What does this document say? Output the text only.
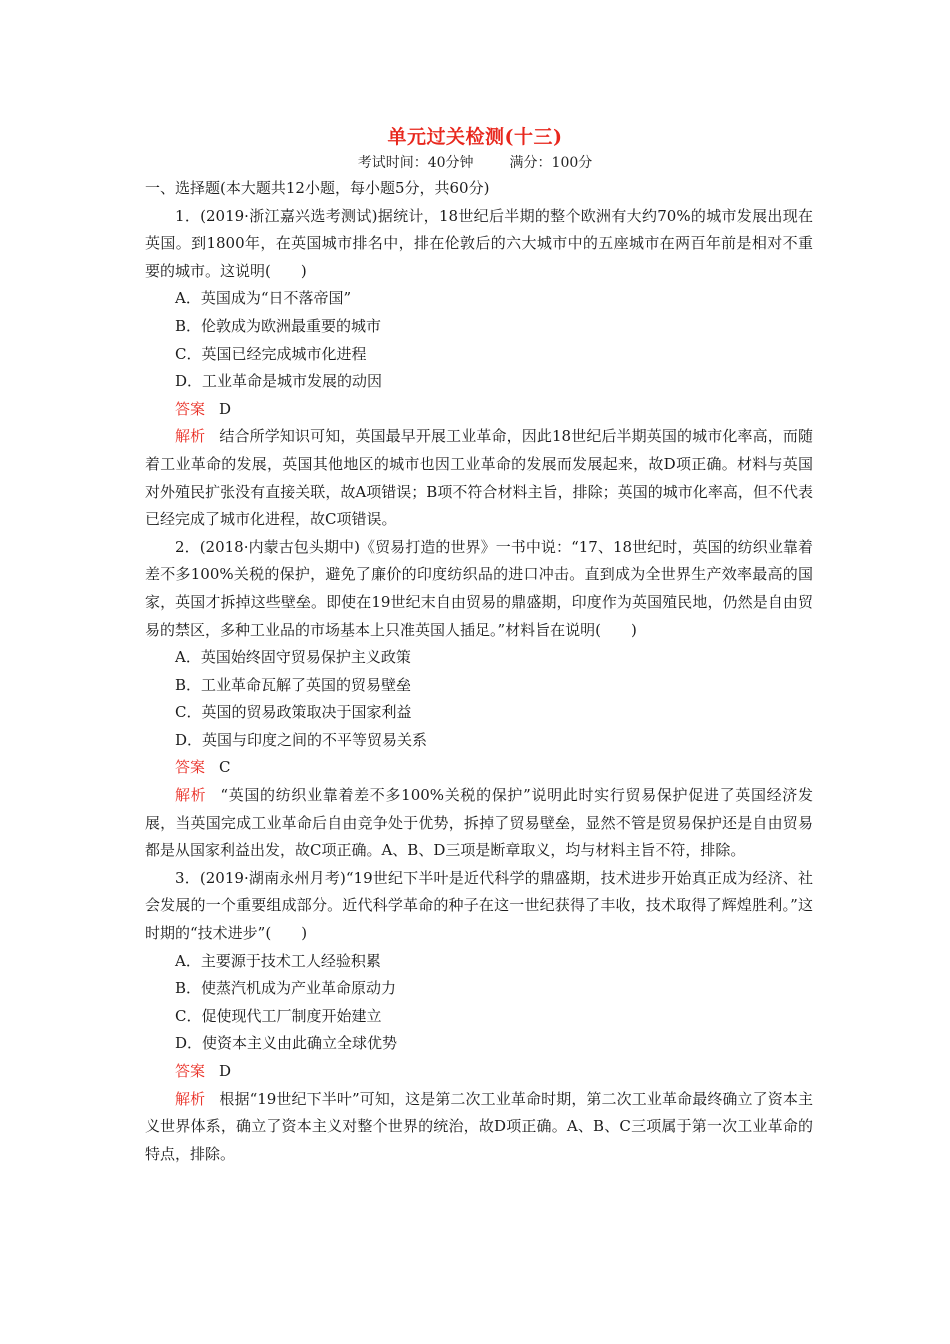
单元过关检测(十三)
考试时间：40分钟	满分：100分

一、选择题(本大题共12小题，每小题5分，共60分)

1．(2019·浙江嘉兴选考测试)据统计，18世纪后半期的整个欧洲有大约70%的城市发展出现在英国。到1800年，在英国城市排名中，排在伦敦后的六大城市中的五座城市在两百年前是相对不重要的城市。这说明(　　)

A．英国成为“日不落帝国”

B．伦敦成为欧洲最重要的城市

C．英国已经完成城市化进程

D．工业革命是城市发展的动因

答案 D

解析 结合所学知识可知，英国最早开展工业革命，因此18世纪后半期英国的城市化率高，而随着工业革命的发展，英国其他地区的城市也因工业革命的发展而发展起来，故D项正确。材料与英国对外殖民扩张没有直接关联，故A项错误；B项不符合材料主旨，排除；英国的城市化率高，但不代表已经完成了城市化进程，故C项错误。

2．(2018·内蒙古包头期中)《贸易打造的世界》一书中说：“17、18世纪时，英国的纺织业靠着差不多100%关税的保护，避免了廉价的印度纺织品的进口冲击。直到成为全世界生产效率最高的国家，英国才拆掉这些壁垒。即使在19世纪末自由贸易的鼎盛期，印度作为英国殖民地，仍然是自由贸易的禁区，多种工业品的市场基本上只准英国人插足。”材料旨在说明(　　)

A．英国始终固守贸易保护主义政策

B．工业革命瓦解了英国的贸易壁垒

C．英国的贸易政策取决于国家利益

D．英国与印度之间的不平等贸易关系

答案 C

解析 “英国的纺织业靠着差不多100%关税的保护”说明此时实行贸易保护促进了英国经济发展，当英国完成工业革命后自由竞争处于优势，拆掉了贸易壁垒，显然不管是贸易保护还是自由贸易都是从国家利益出发，故C项正确。A、B、D三项是断章取义，均与材料主旨不符，排除。

3．(2019·湖南永州月考)“19世纪下半叶是近代科学的鼎盛期，技术进步开始真正成为经济、社会发展的一个重要组成部分。近代科学革命的种子在这一世纪获得了丰收，技术取得了辉煌胜利。”这时期的“技术进步”(　　)

A．主要源于技术工人经验积累

B．使蒸汽机成为产业革命原动力

C．促使现代工厂制度开始建立

D．使资本主义由此确立全球优势

答案 D

解析 根据“19世纪下半叶”可知，这是第二次工业革命时期，第二次工业革命最终确立了资本主义世界体系，确立了资本主义对整个世界的统治，故D项正确。A、B、C三项属于第一次工业革命的特点，排除。
